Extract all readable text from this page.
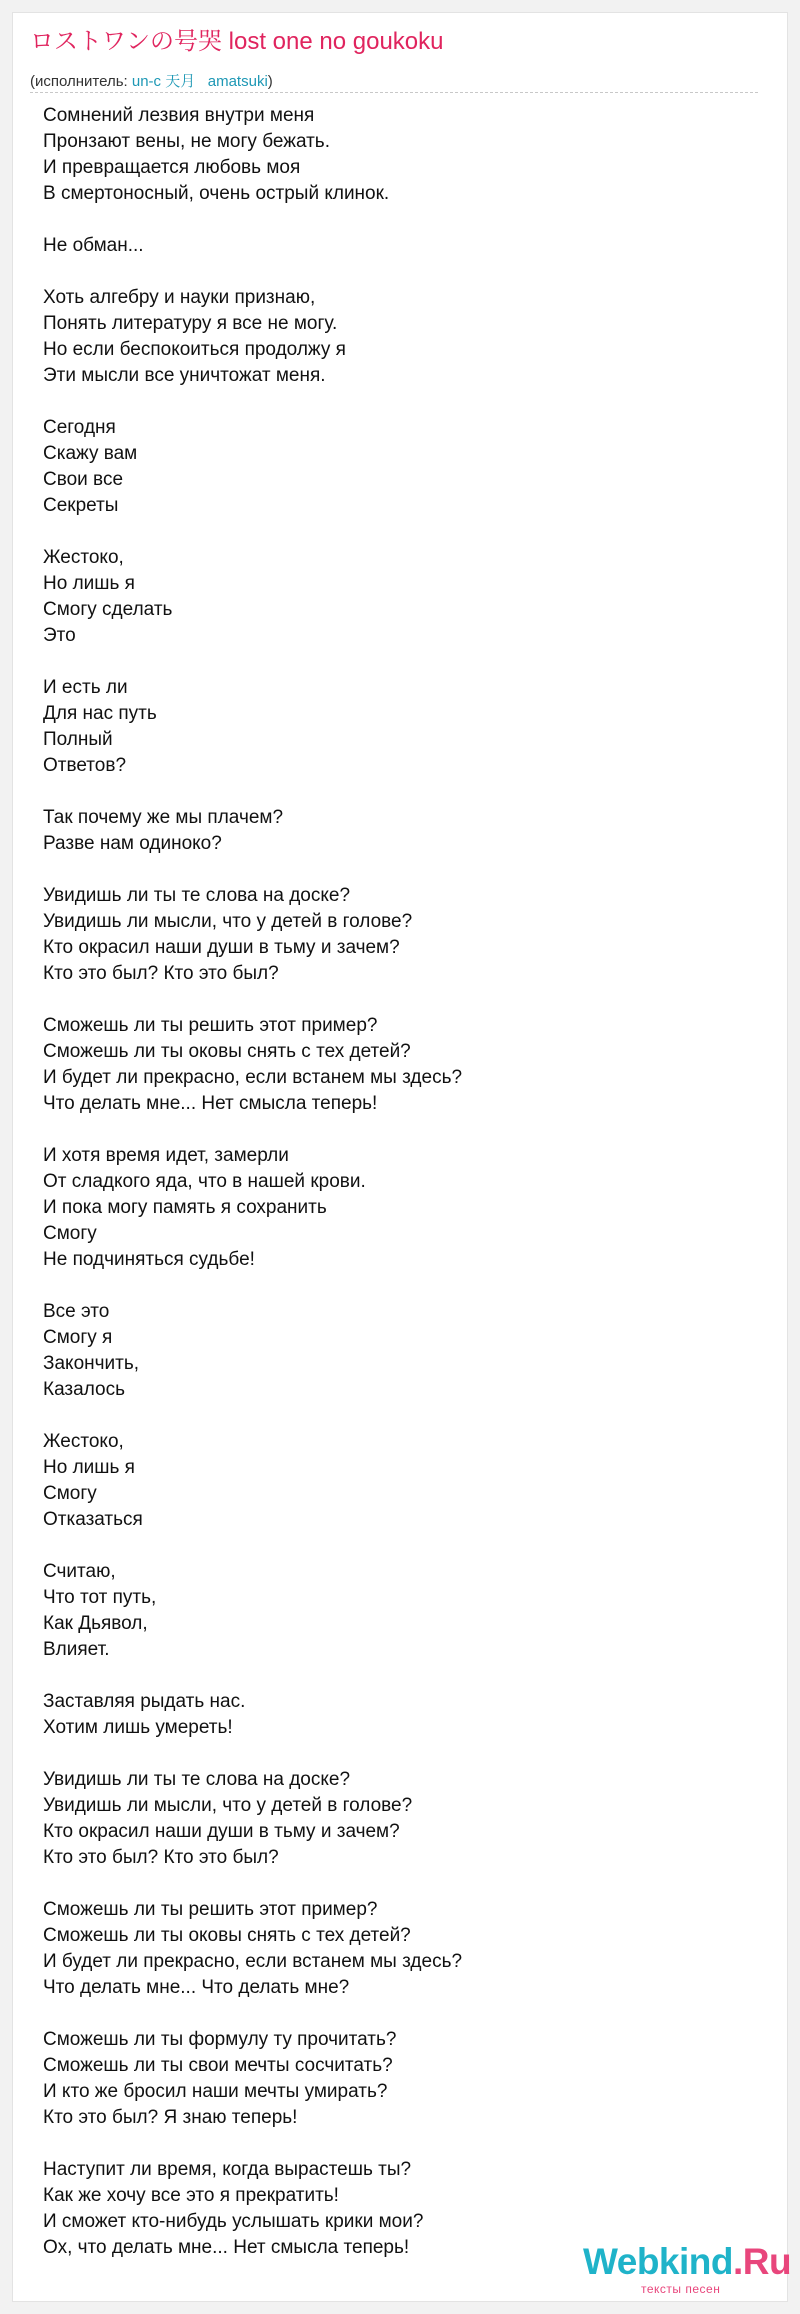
ロストワンの号哭 lost one no goukoku
(исполнитель: un-c 天月 amatsuki)
Сомнений лезвия внутри меня
Пронзают вены, не могу бежать.
И превращается любовь моя
В смертоносный, очень острый клинок.
Не обман...
Хоть алгебру и науки признаю,
Понять литературу я все не могу.
Но если беспокоиться продолжу я
Эти мысли все уничтожат меня.
Сегодня
Скажу вам
Свои все
Секреты
Жестоко,
Но лишь я
Смогу сделать
Это
И есть ли
Для нас путь
Полный
Ответов?
Так почему же мы плачем?
Разве нам одиноко?
Увидишь ли ты те слова на доске?
Увидишь ли мысли, что у детей в голове?
Кто окрасил наши души в тьму и зачем?
Кто это был? Кто это был?
Сможешь ли ты решить этот пример?
Сможешь ли ты оковы снять с тех детей?
И будет ли прекрасно, если встанем мы здесь?
Что делать мне... Нет смысла теперь!
И хотя время идет, замерли
От сладкого яда, что в нашей крови.
И пока могу память я сохранить
Смогу
Не подчиняться судьбе!
Все это
Смогу я
Закончить,
Казалось
Жестоко,
Но лишь я
Смогу
Отказаться
Считаю,
Что тот путь,
Как Дьявол,
Влияет.
Заставляя рыдать нас.
Хотим лишь умереть!
Увидишь ли ты те слова на доске?
Увидишь ли мысли, что у детей в голове?
Кто окрасил наши души в тьму и зачем?
Кто это был? Кто это был?
Сможешь ли ты решить этот пример?
Сможешь ли ты оковы снять с тех детей?
И будет ли прекрасно, если встанем мы здесь?
Что делать мне... Что делать мне?
Сможешь ли ты формулу ту прочитать?
Сможешь ли ты свои мечты сосчитать?
И кто же бросил наши мечты умирать?
Кто это был? Я знаю теперь!
Наступит ли время, когда вырастешь ты?
Как же хочу все это я прекратить!
И сможет кто-нибудь услышать крики мои?
Ох, что делать мне... Нет смысла теперь!	Webkind.Ru
тексты песен
